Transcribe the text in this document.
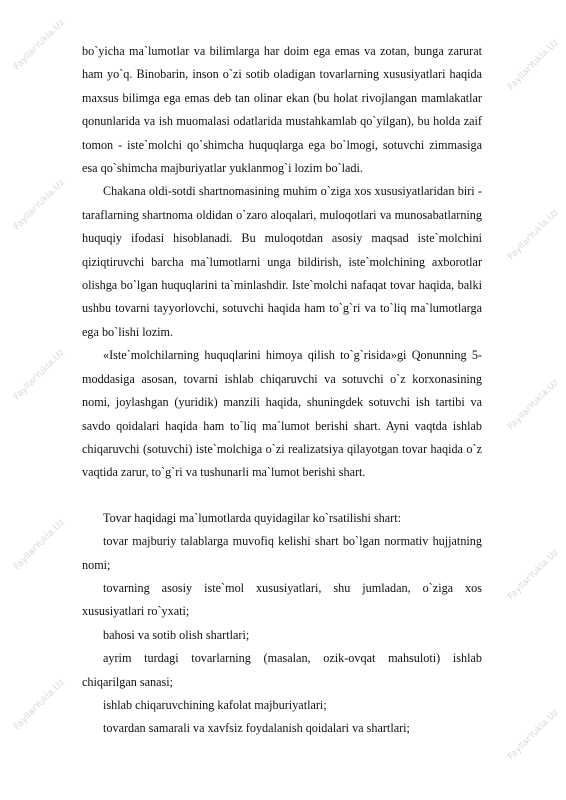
FayllarYukla.Uz	FayllarYukla.Uz
FayllarYukla.Uz
FayllarYukla.Uz
FayllarYukla.Uz
FayllarYukla.Uz
FayllarYukla.Uz
FayllarYukla.Uz
FayllarYukla.Uz
FayllarYukla.Uz

bo`yicha ma`lumotlar va bilimlarga har doim ega emas va zotan, bunga zarurat ham yo`q. Binobarin, inson o`zi sotib oladigan tovarlarning xususiyatlari haqida maxsus bilimga ega emas deb tan olinar ekan (bu holat rivojlangan mamlakatlar qonunlarida va ish muomalasi odatlarida mustahkamlab qo`yilgan), bu holda zaif tomon - iste`molchi qo`shimcha huquqlarga ega bo`lmogi, sotuvchi zimmasiga esa qo`shimcha majburiyatlar yuklanmog`i lozim bo`ladi.

Chakana oldi-sotdi shartnomasining muhim o`ziga xos xususiyatlaridan biri - taraflarning shartnoma oldidan o`zaro aloqalari, muloqotlari va munosabatlarning huquqiy ifodasi hisoblanadi. Bu muloqotdan asosiy maqsad iste`molchini qiziqtiruvchi barcha ma`lumotlarni unga bildirish, iste`molchining axborotlar olishga bo`lgan huquqlarini ta`minlashdir. Iste`molchi nafaqat tovar haqida, balki ushbu tovarni tayyorlovchi, sotuvchi haqida ham to`g`ri va to`liq ma`lumotlarga ega bo`lishi lozim.

«Iste`molchilarning huquqlarini himoya qilish to`g`risida»gi Qonunning 5-moddasiga asosan, tovarni ishlab chiqaruvchi va sotuvchi o`z korxonasining nomi, joylashgan (yuridik) manzili haqida, shuningdek sotuvchi ish tartibi va savdo qoidalari haqida ham to`liq ma`lumot berishi shart. Ayni vaqtda ishlab chiqaruvchi (sotuvchi) iste`molchiga o`zi realizatsiya qilayotgan tovar haqida o`z vaqtida zarur, to`g`ri va tushunarli ma`lumot berishi shart.

Tovar haqidagi ma`lumotlarda quyidagilar ko`rsatilishi shart:

tovar majburiy talablarga muvofiq kelishi shart bo`lgan normativ hujjatning nomi;

tovarning asosiy iste`mol xususiyatlari, shu jumladan, o`ziga xos xususiyatlari ro`yxati;

bahosi va sotib olish shartlari;

ayrim turdagi tovarlarning (masalan, ozik-ovqat mahsuloti) ishlab chiqarilgan sanasi;

ishlab chiqaruvchining kafolat majburiyatlari;

tovardan samarali va xavfsiz foydalanish qoidalari va shartlari;
